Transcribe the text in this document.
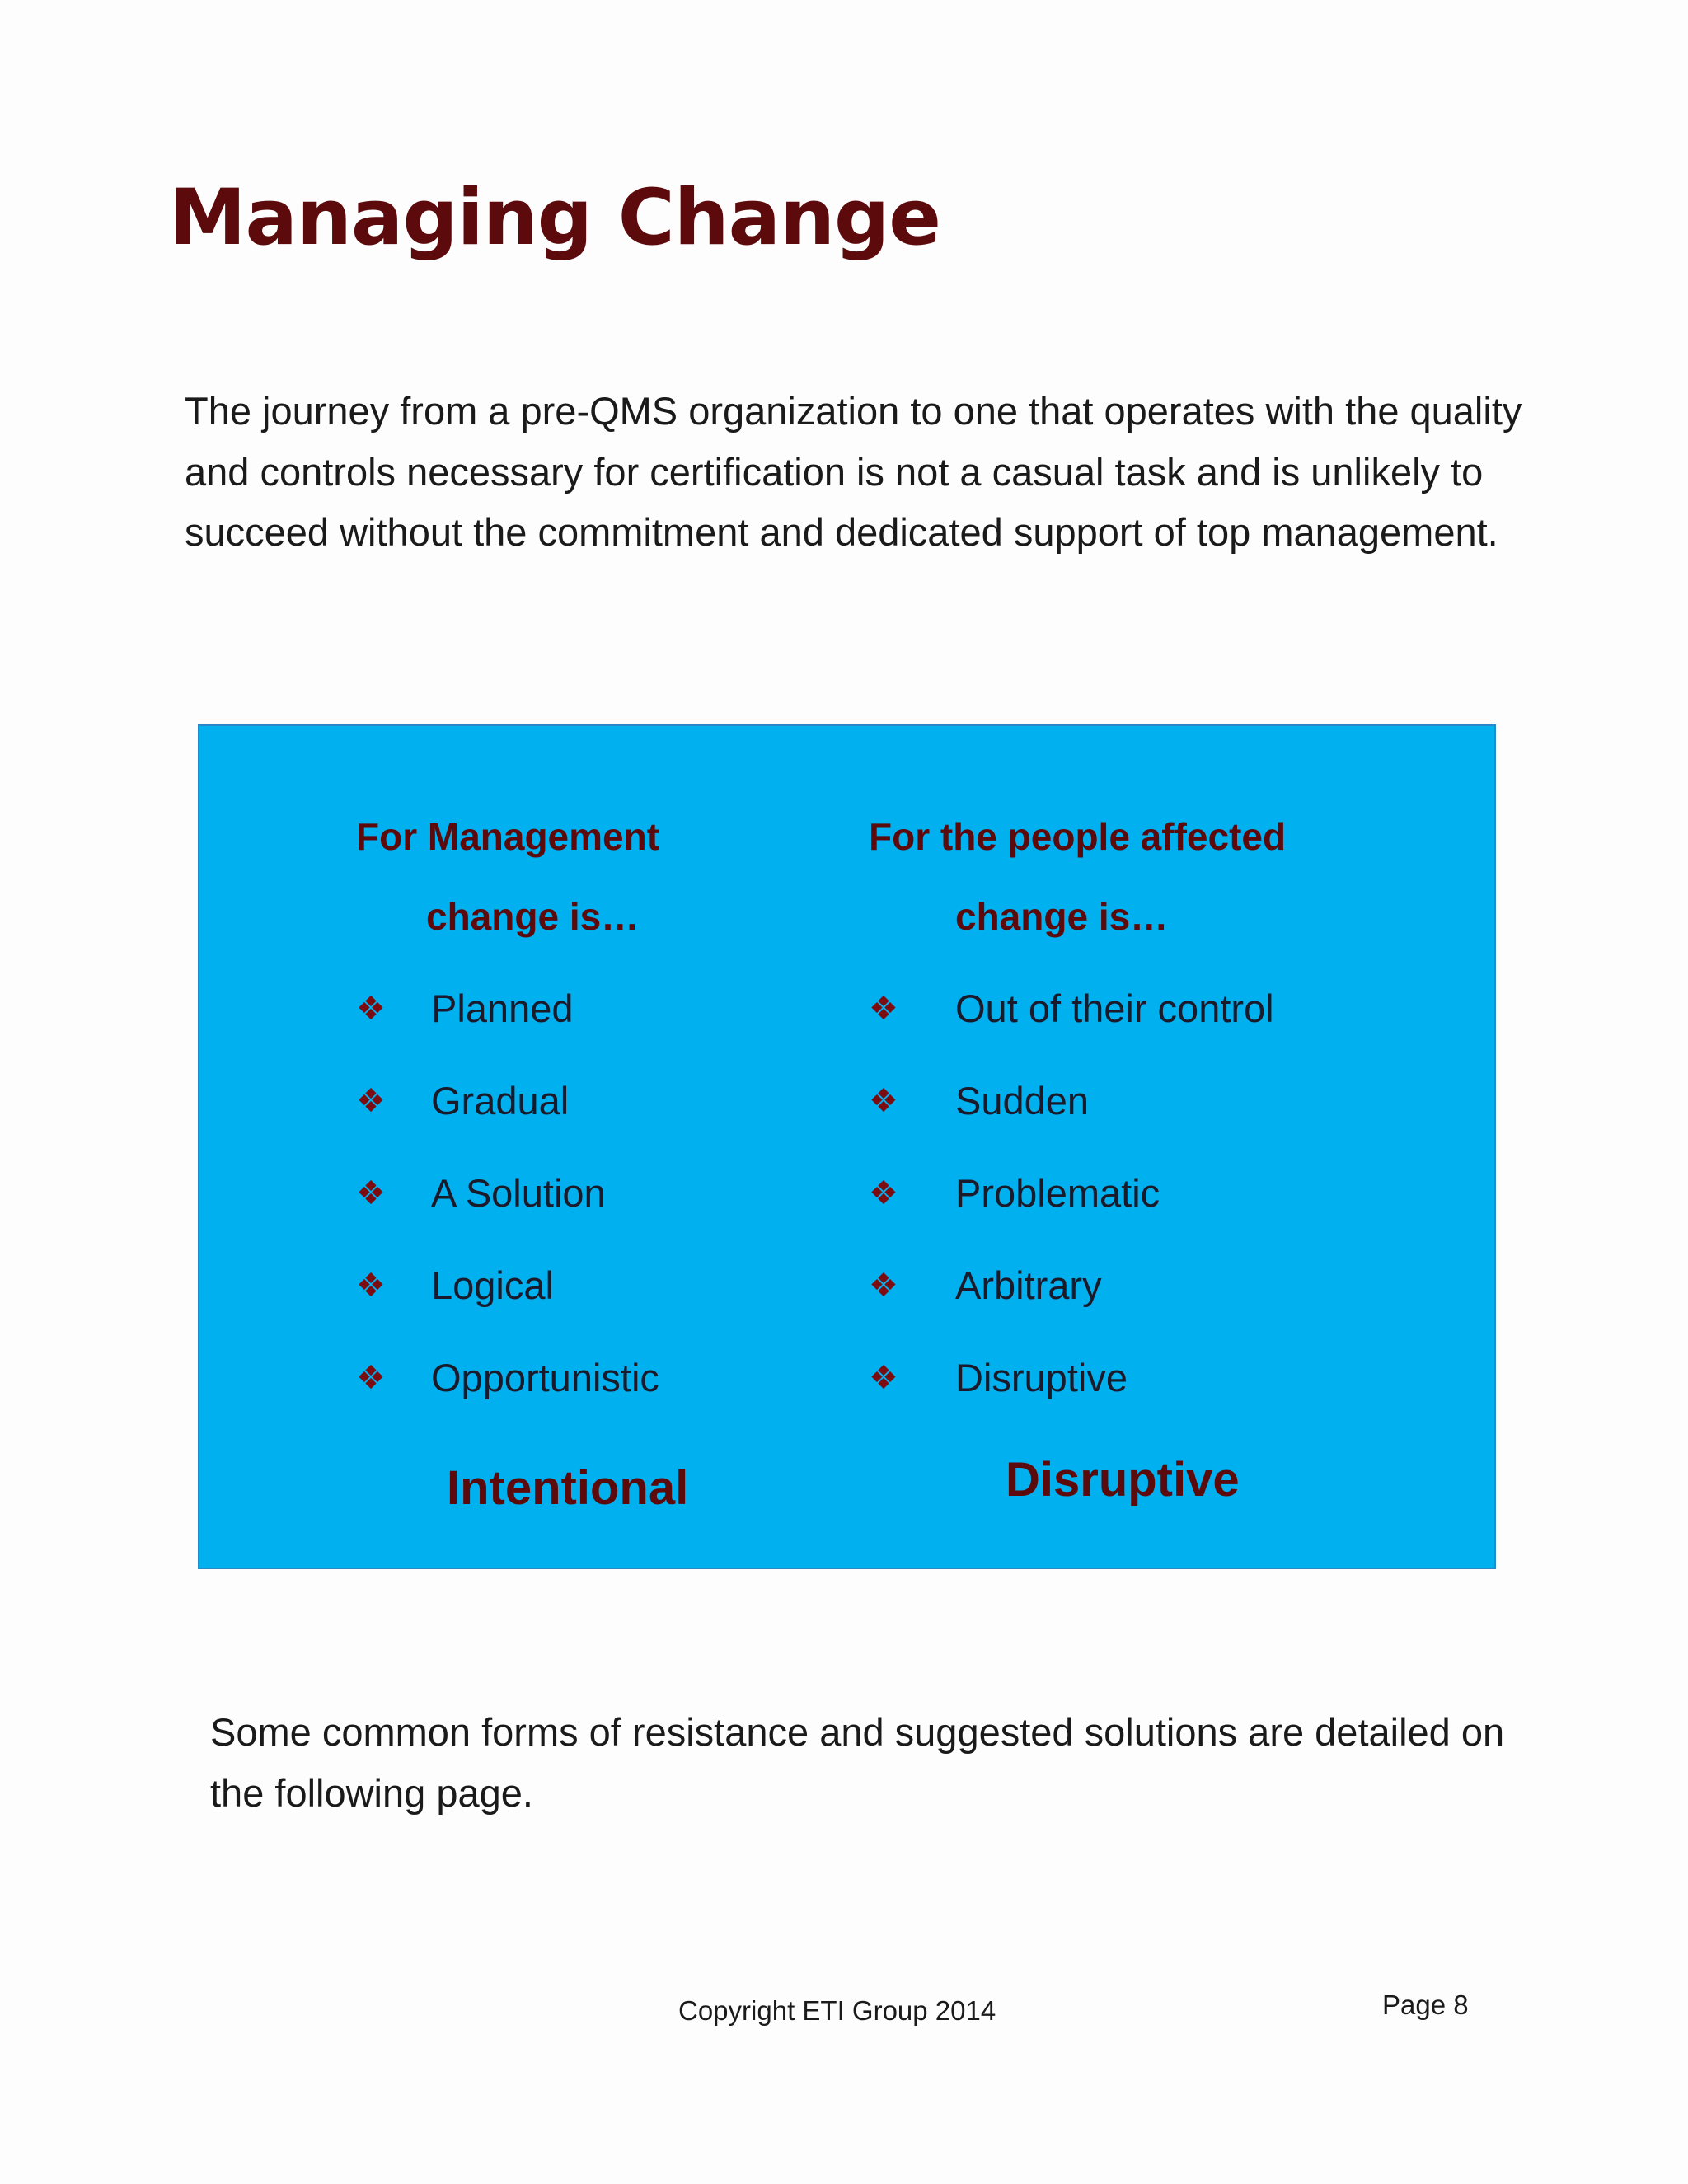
Managing Change

The journey from a pre-QMS organization to one that operates with the quality and controls necessary for certification is not a casual task and is unlikely to succeed without the commitment and dedicated support of top management.

For Management
change is…
❖ Planned
❖ Gradual
❖ A Solution
❖ Logical
❖ Opportunistic
Intentional
For the people affected
change is…
❖ Out of their control
❖ Sudden
❖ Problematic
❖ Arbitrary
❖ Disruptive
Disruptive

Some common forms of resistance and suggested solutions are detailed on the following page.

Copyright ETI Group 2014	Page 8
